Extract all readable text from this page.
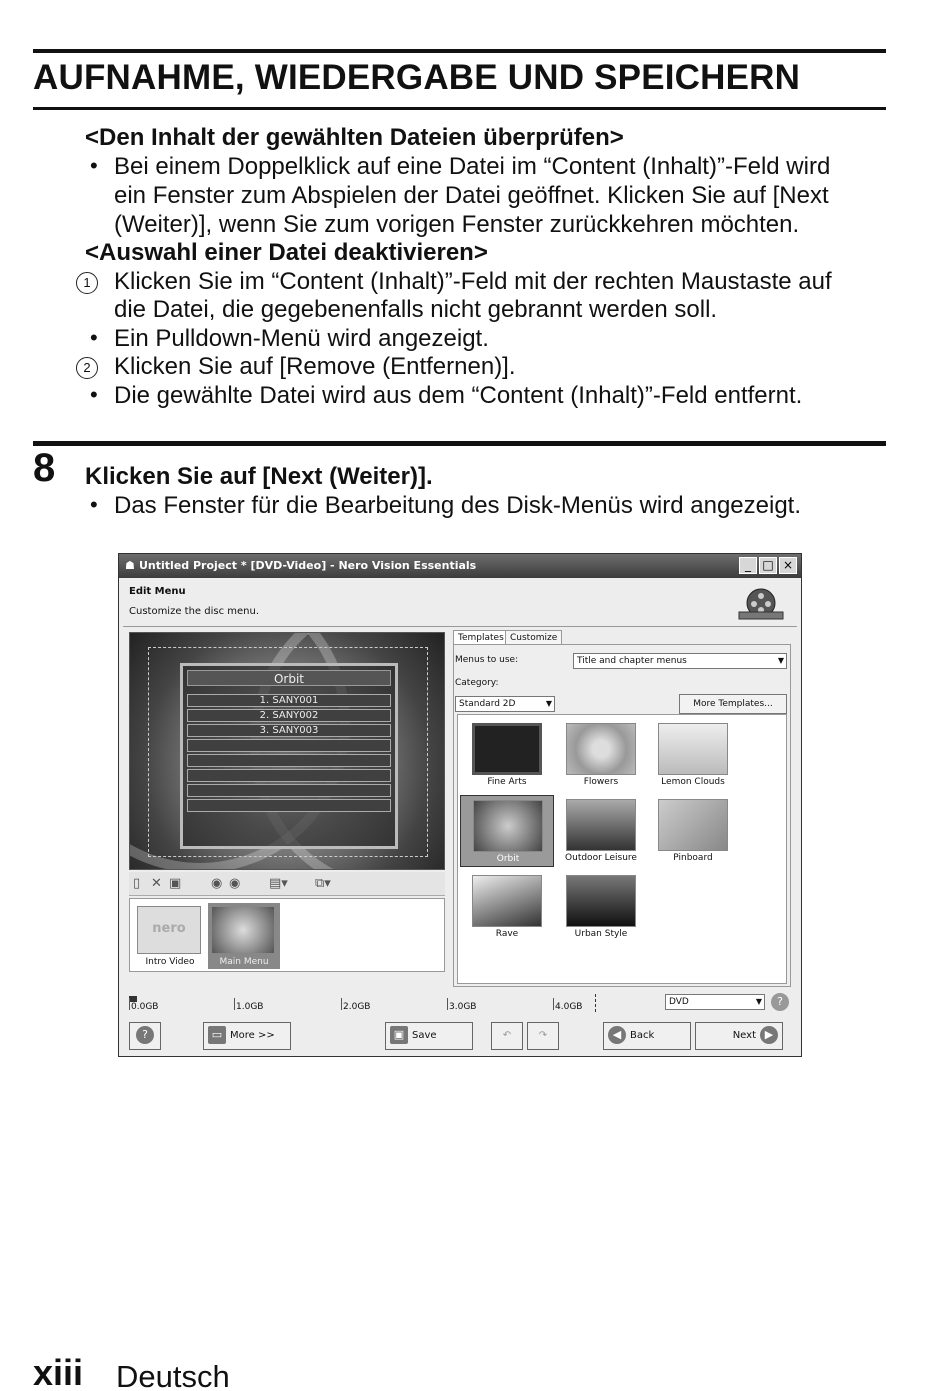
AUFNAHME, WIEDERGABE UND SPEICHERN
<Den Inhalt der gewählten Dateien überprüfen>
• Bei einem Doppelklick auf eine Datei im “Content (Inhalt)”-Feld wird
ein Fenster zum Abspielen der Datei geöffnet. Klicken Sie auf [Next
(Weiter)], wenn Sie zum vorigen Fenster zurückkehren möchten.
<Auswahl einer Datei deaktivieren>
1 Klicken Sie im “Content (Inhalt)”-Feld mit der rechten Maustaste auf
die Datei, die gegebenenfalls nicht gebrannt werden soll.
• Ein Pulldown-Menü wird angezeigt.
2 Klicken Sie auf [Remove (Entfernen)].
• Die gewählte Datei wird aus dem “Content (Inhalt)”-Feld entfernt.
8 Klicken Sie auf [Next (Weiter)].
• Das Fenster für die Bearbeitung des Disk-Menüs wird angezeigt.
☗ Untitled Project * [DVD-Video] - Nero Vision Essentials	_ □ ×
Edit Menu
Customize the disc menu.
Orbit
1. SANY001
2. SANY002
3. SANY003
▯ ✕ ▣ ◉ ◉ ▤▾ ⧉▾
nero
Intro Video	Main Menu
Templates Customize
Menus to use:	Title and chapter menus	▼
Category:
Standard 2D	▼	More Templates...
Fine Arts	Flowers	Lemon Clouds
Orbit	Outdoor Leisure	Pinboard
Rave	Urban Style
0.0GB	1.0GB	2.0GB	3.0GB	4.0GB	DVD	▼	?
?	▭ More >>	▣ Save	↶	↷	◀ Back	Next ▶
xiii Deutsch
